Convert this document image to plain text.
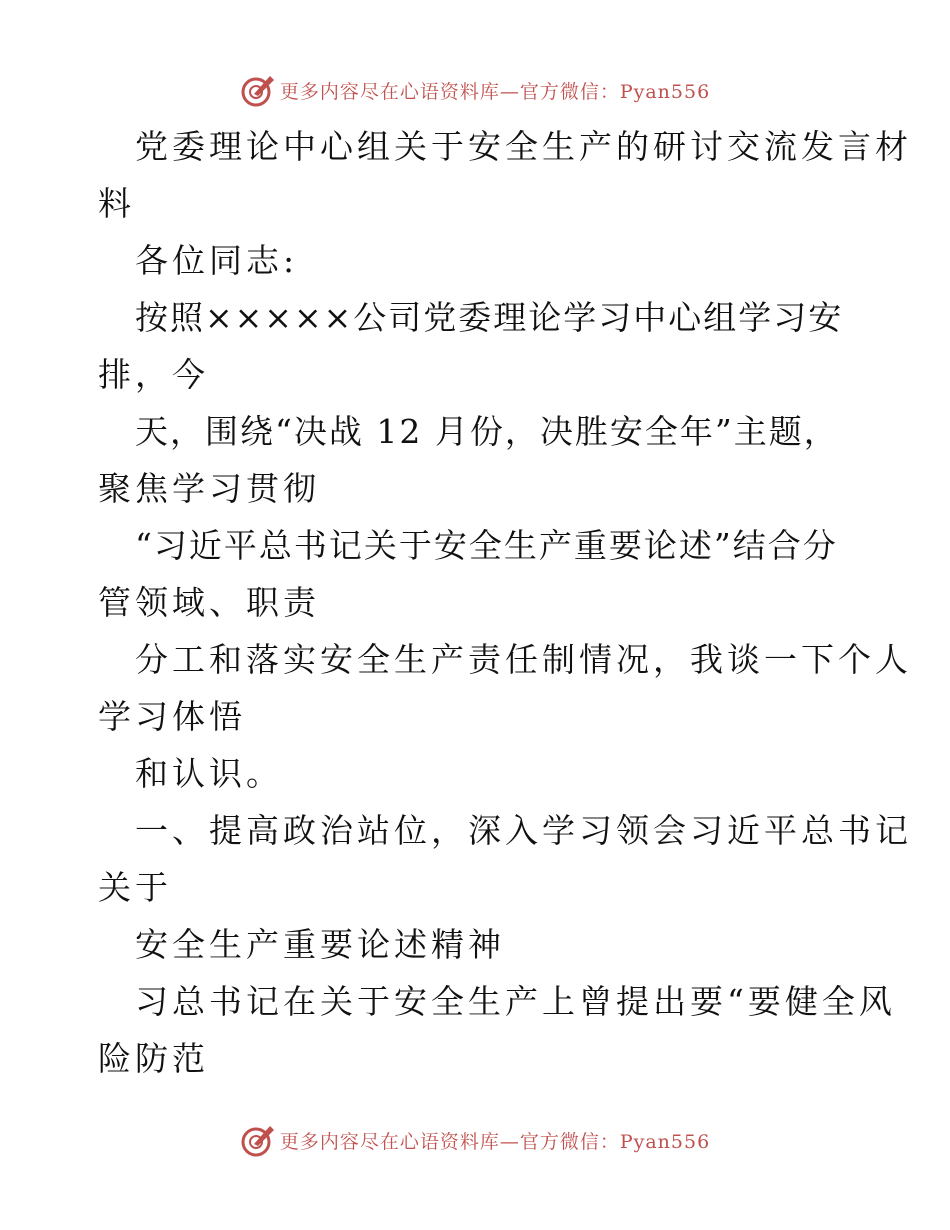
更多内容尽在心语资料库—官方微信：Pyan556
党委理论中心组关于安全生产的研讨交流发言材
料
各位同志:
按照×××××公司党委理论学习中心组学习安
排，今
天，围绕“决战 12 月份，决胜安全年”主题，
聚焦学习贯彻
“习近平总书记关于安全生产重要论述”结合分
管领域、职责
分工和落实安全生产责任制情况，我谈一下个人
学习体悟
和认识。
一、提高政治站位，深入学习领会习近平总书记
关于
安全生产重要论述精神
习总书记在关于安全生产上曾提出要“要健全风
险防范
更多内容尽在心语资料库—官方微信：Pyan556
